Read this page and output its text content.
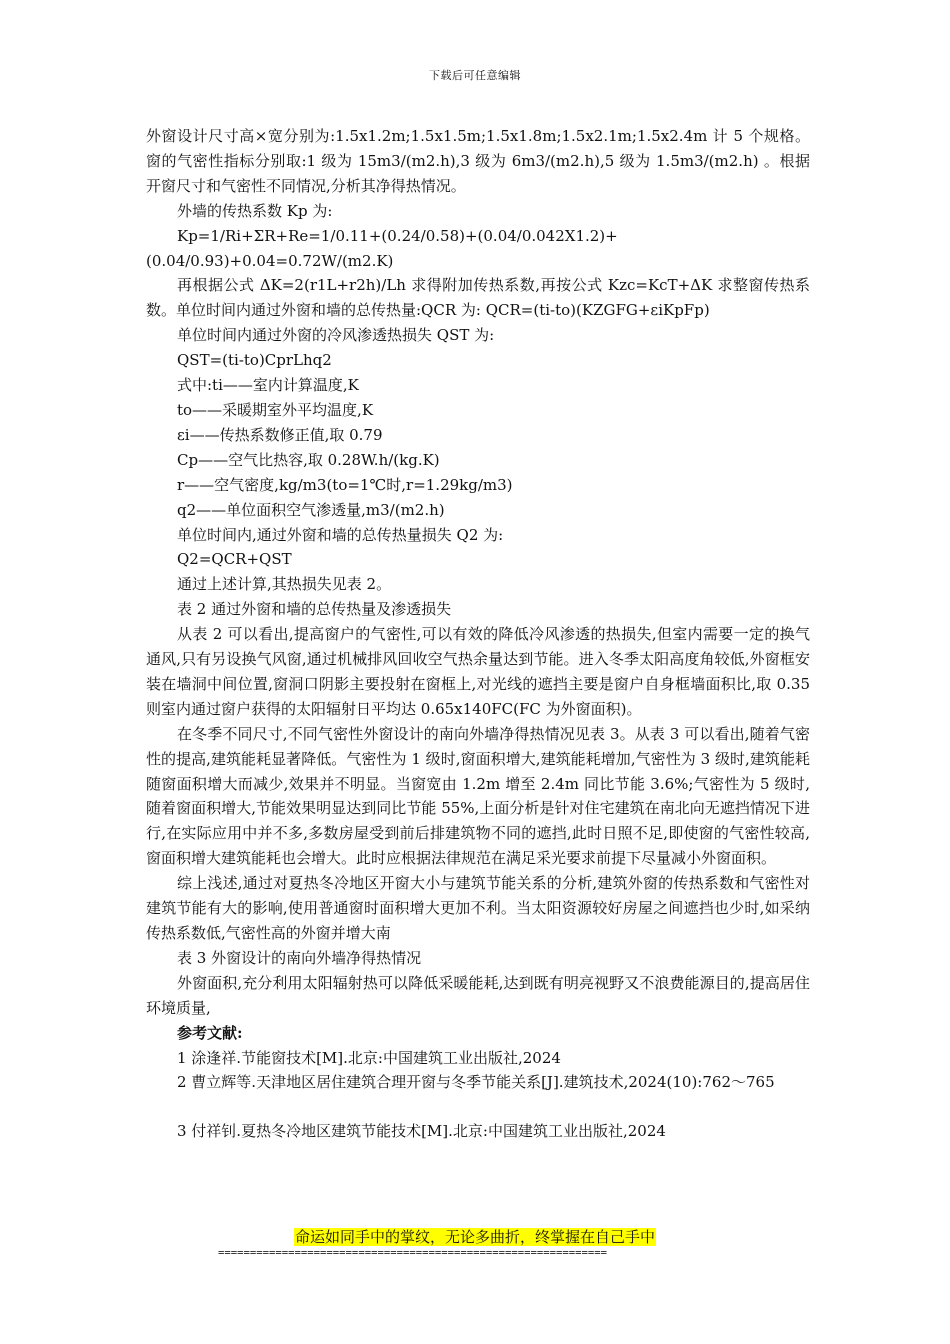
下载后可任意编辑

外窗设计尺寸高×宽分别为:1.5x1.2m;1.5x1.5m;1.5x1.8m;1.5x2.1m;1.5x2.4m 计 5 个规格。窗的气密性指标分别取:1 级为 15m3/(m2.h),3 级为 6m3/(m2.h),5 级为 1.5m3/(m2.h) 。根据开窗尺寸和气密性不同情况,分析其净得热情况。

外墙的传热系数 Kp 为:

Kp=1/Ri+ΣR+Re=1/0.11+(0.24/0.58)+(0.04/0.042X1.2)+(0.04/0.93)+0.04=0.72W/(m2.K)

再根据公式 ΔK=2(r1L+r2h)/Lh 求得附加传热系数,再按公式 Kzc=KcT+ΔK 求整窗传热系数。单位时间内通过外窗和墙的总传热量:QCR 为: QCR=(ti-to)(KZGFG+εiKpFp)

单位时间内通过外窗的冷风渗透热损失 QST 为:

QST=(ti-to)CprLhq2

式中:ti——室内计算温度,K

to——采暖期室外平均温度,K

εi——传热系数修正值,取 0.79

Cp——空气比热容,取 0.28W.h/(kg.K)

r——空气密度,kg/m3(to=1℃时,r=1.29kg/m3)

q2——单位面积空气渗透量,m3/(m2.h)

单位时间内,通过外窗和墙的总传热量损失 Q2 为:

Q2=QCR+QST

通过上述计算,其热损失见表 2。

表 2 通过外窗和墙的总传热量及渗透损失

从表 2 可以看出,提高窗户的气密性,可以有效的降低冷风渗透的热损失,但室内需要一定的换气通风,只有另设换气风窗,通过机械排风回收空气热余量达到节能。进入冬季太阳高度角较低,外窗框安装在墙洞中间位置,窗洞口阴影主要投射在窗框上,对光线的遮挡主要是窗户自身框墙面积比,取 0.35 则室内通过窗户获得的太阳辐射日平均达 0.65x140FC(FC 为外窗面积)。

在冬季不同尺寸,不同气密性外窗设计的南向外墙净得热情况见表 3。从表 3 可以看出,随着气密性的提高,建筑能耗显著降低。气密性为 1 级时,窗面积增大,建筑能耗增加,气密性为 3 级时,建筑能耗随窗面积增大而减少,效果并不明显。当窗宽由 1.2m 增至 2.4m 同比节能 3.6%;气密性为 5 级时,随着窗面积增大,节能效果明显达到同比节能 55%,上面分析是针对住宅建筑在南北向无遮挡情况下进行,在实际应用中并不多,多数房屋受到前后排建筑物不同的遮挡,此时日照不足,即使窗的气密性较高,窗面积增大建筑能耗也会增大。此时应根据法律规范在满足采光要求前提下尽量减小外窗面积。

综上浅述,通过对夏热冬冷地区开窗大小与建筑节能关系的分析,建筑外窗的传热系数和气密性对建筑节能有大的影响,使用普通窗时面积增大更加不利。当太阳资源较好房屋之间遮挡也少时,如采纳传热系数低,气密性高的外窗并增大南

表 3 外窗设计的南向外墙净得热情况

外窗面积,充分利用太阳辐射热可以降低采暖能耗,达到既有明亮视野又不浪费能源目的,提高居住环境质量,

参考文献:

1 涂逢祥.节能窗技术[M].北京:中国建筑工业出版社,2024

2 曹立辉等.天津地区居住建筑合理开窗与冬季节能关系[J].建筑技术,2024(10):762～765

3 付祥钊.夏热冬冷地区建筑节能技术[M].北京:中国建筑工业出版社,2024

命运如同手中的掌纹，无论多曲折，终掌握在自己手中
=============================================================
